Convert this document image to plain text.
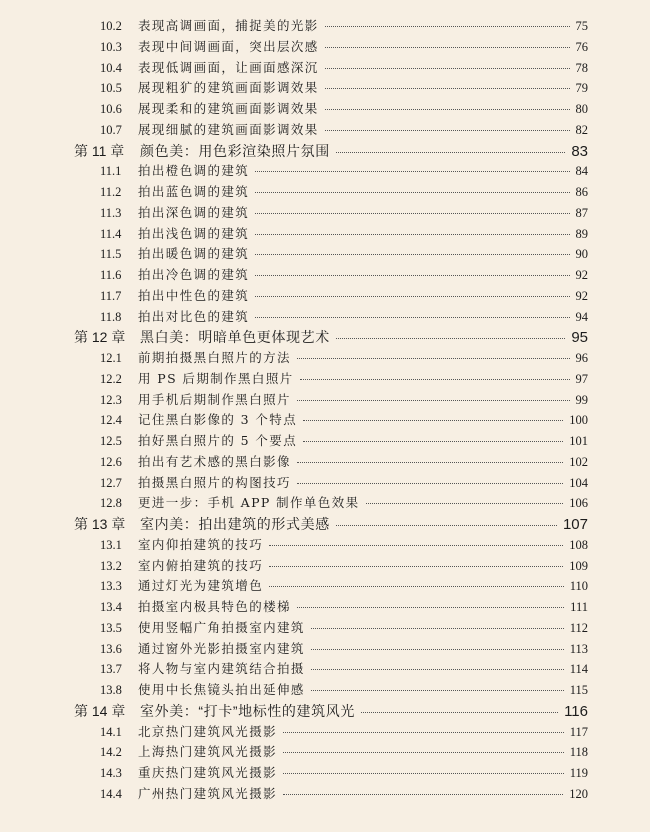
10.2	表现高调画面，捕捉美的光影	75
10.3	表现中间调画面，突出层次感	76
10.4	表现低调画面，让画面感深沉	78
10.5	展现粗犷的建筑画面影调效果	79
10.6	展现柔和的建筑画面影调效果	80
10.7	展现细腻的建筑画面影调效果	82
第 11 章	颜色美：用色彩渲染照片氛围	83
11.1	拍出橙色调的建筑	84
11.2	拍出蓝色调的建筑	86
11.3	拍出深色调的建筑	87
11.4	拍出浅色调的建筑	89
11.5	拍出暖色调的建筑	90
11.6	拍出冷色调的建筑	92
11.7	拍出中性色的建筑	92
11.8	拍出对比色的建筑	94
第 12 章	黑白美：明暗单色更体现艺术	95
12.1	前期拍摄黑白照片的方法	96
12.2	用 PS 后期制作黑白照片	97
12.3	用手机后期制作黑白照片	99
12.4	记住黑白影像的 3 个特点	100
12.5	拍好黑白照片的 5 个要点	101
12.6	拍出有艺术感的黑白影像	102
12.7	拍摄黑白照片的构图技巧	104
12.8	更进一步：手机 APP 制作单色效果	106
第 13 章	室内美：拍出建筑的形式美感	107
13.1	室内仰拍建筑的技巧	108
13.2	室内俯拍建筑的技巧	109
13.3	通过灯光为建筑增色	110
13.4	拍摄室内极具特色的楼梯	111
13.5	使用竖幅广角拍摄室内建筑	112
13.6	通过窗外光影拍摄室内建筑	113
13.7	将人物与室内建筑结合拍摄	114
13.8	使用中长焦镜头拍出延伸感	115
第 14 章	室外美：“打卡”地标性的建筑风光	116
14.1	北京热门建筑风光摄影	117
14.2	上海热门建筑风光摄影	118
14.3	重庆热门建筑风光摄影	119
14.4	广州热门建筑风光摄影	120
